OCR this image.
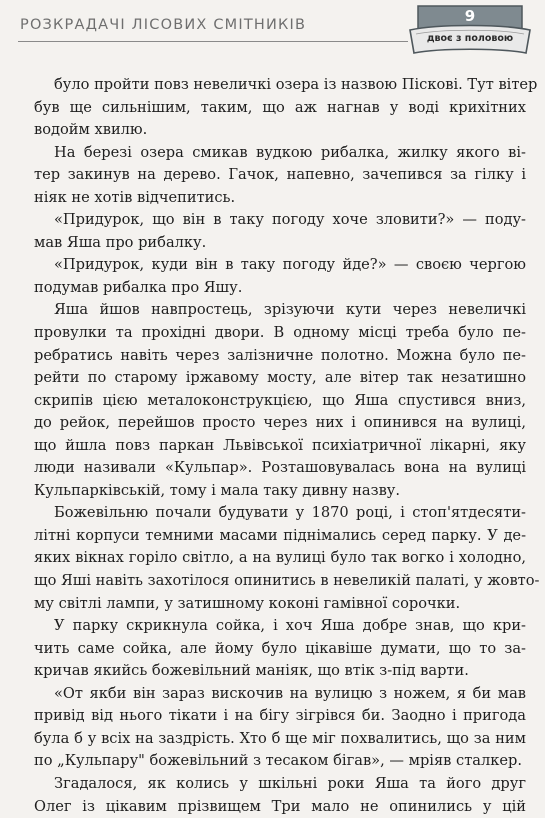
РОЗКРАДАЧІ ЛІСОВИХ СМІТНИКІВ	9
двоє з половою
було пройти повз невеличкі озера із назвою Піскові. Тут вітер
був ще сильнішим, таким, що аж нагнав у воді крихітних
водойм хвилю.
На березі озера смикав вудкою рибалка, жилку якого ві-
тер закинув на дерево. Гачок, напевно, зачепився за гілку і
ніяк не хотів відчепитись.
«Придурок, що він в таку погоду хоче зловити?» — поду-
мав Яша про рибалку.
«Придурок, куди він в таку погоду йде?» — своєю чергою
подумав рибалка про Яшу.
Яша йшов навпростець, зрізуючи кути через невеличкі
провулки та прохідні двори. В одному місці треба було пе-
ребратись навіть через залізничне полотно. Можна було пе-
рейти по старому іржавому мосту, але вітер так незатишно
скрипів цією металоконструкцією, що Яша спустився вниз,
до рейок, перейшов просто через них і опинився на вулиці,
що йшла повз паркан Львівської психіатричної лікарні, яку
люди називали «Кульпар». Розташовувалась вона на вулиці
Кульпарківській, тому і мала таку дивну назву.
Божевільню почали будувати у 1870 році, і стоп'ятдесяти-
літні корпуси темними масами піднімались серед парку. У де-
яких вікнах горіло світло, а на вулиці було так вогко і холодно,
що Яші навіть захотілося опинитись в невеликій палаті, у жовто-
му світлі лампи, у затишному коконі гамівної сорочки.
У парку скрикнула сойка, і хоч Яша добре знав, що кри-
чить саме сойка, але йому було цікавіше думати, що то за-
кричав якийсь божевільний маніяк, що втік з-під варти.
«От якби він зараз вискочив на вулицю з ножем, я би мав
привід від нього тікати і на бігу зігрівся би. Заодно і пригода
була б у всіх на заздрість. Хто б ще міг похвалитись, що за ним
по „Кульпару" божевільний з тесаком бігав», — мріяв сталкер.
Згадалося, як колись у шкільні роки Яша та його друг
Олег із цікавим прізвищем Три мало не опинились у цій
